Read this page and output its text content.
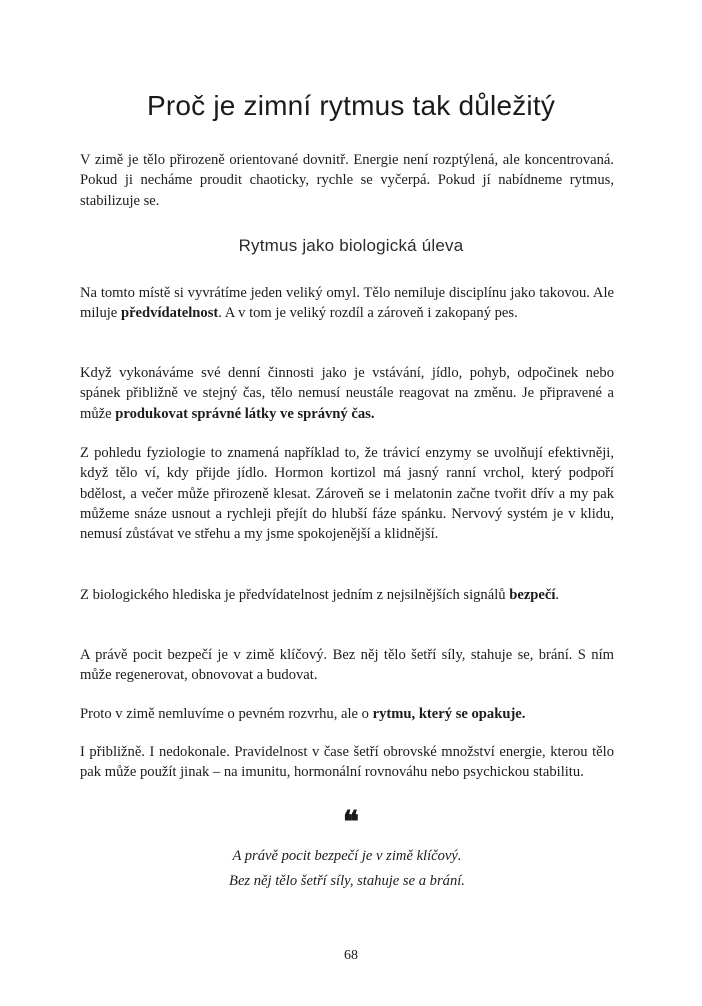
Proč je zimní rytmus tak důležitý

V zimě je tělo přirozeně orientované dovnitř. Energie není rozptýlená, ale koncentrovaná. Pokud ji necháme proudit chaoticky, rychle se vyčerpá. Pokud jí nabídneme rytmus, stabilizuje se.

Rytmus jako biologická úleva

Na tomto místě si vyvrátíme jeden veliký omyl. Tělo nemiluje disciplínu jako takovou. Ale miluje předvídatelnost. A v tom je veliký rozdíl a zároveň i zakopaný pes.

Když vykonáváme své denní činnosti jako je vstávání, jídlo, pohyb, odpočinek nebo spánek přibližně ve stejný čas, tělo nemusí neustále reagovat na změnu. Je připravené a může produkovat správné látky ve správný čas.

Z pohledu fyziologie to znamená například to, že trávicí enzymy se uvolňují efektivněji, když tělo ví, kdy přijde jídlo. Hormon kortizol má jasný ranní vrchol, který podpoří bdělost, a večer může přirozeně klesat. Zároveň se i melatonin začne tvořit dřív a my pak můžeme snáze usnout a rychleji přejít do hlubší fáze spánku. Nervový systém je v klidu, nemusí zůstávat ve střehu a my jsme spokojenější a klidnější.

Z biologického hlediska je předvídatelnost jedním z nejsilnějších signálů bezpečí.

A právě pocit bezpečí je v zimě klíčový. Bez něj tělo šetří síly, stahuje se, brání. S ním může regenerovat, obnovovat a budovat.

Proto v zimě nemluvíme o pevném rozvrhu, ale o rytmu, který se opakuje.

I přibližně. I nedokonale. Pravidelnost v čase šetří obrovské množství energie, kterou tělo pak může použít jinak – na imunitu, hormonální rovnováhu nebo psychickou stabilitu.

❝

A právě pocit bezpečí je v zimě klíčový.

Bez něj tělo šetří síly, stahuje se a brání.

68
